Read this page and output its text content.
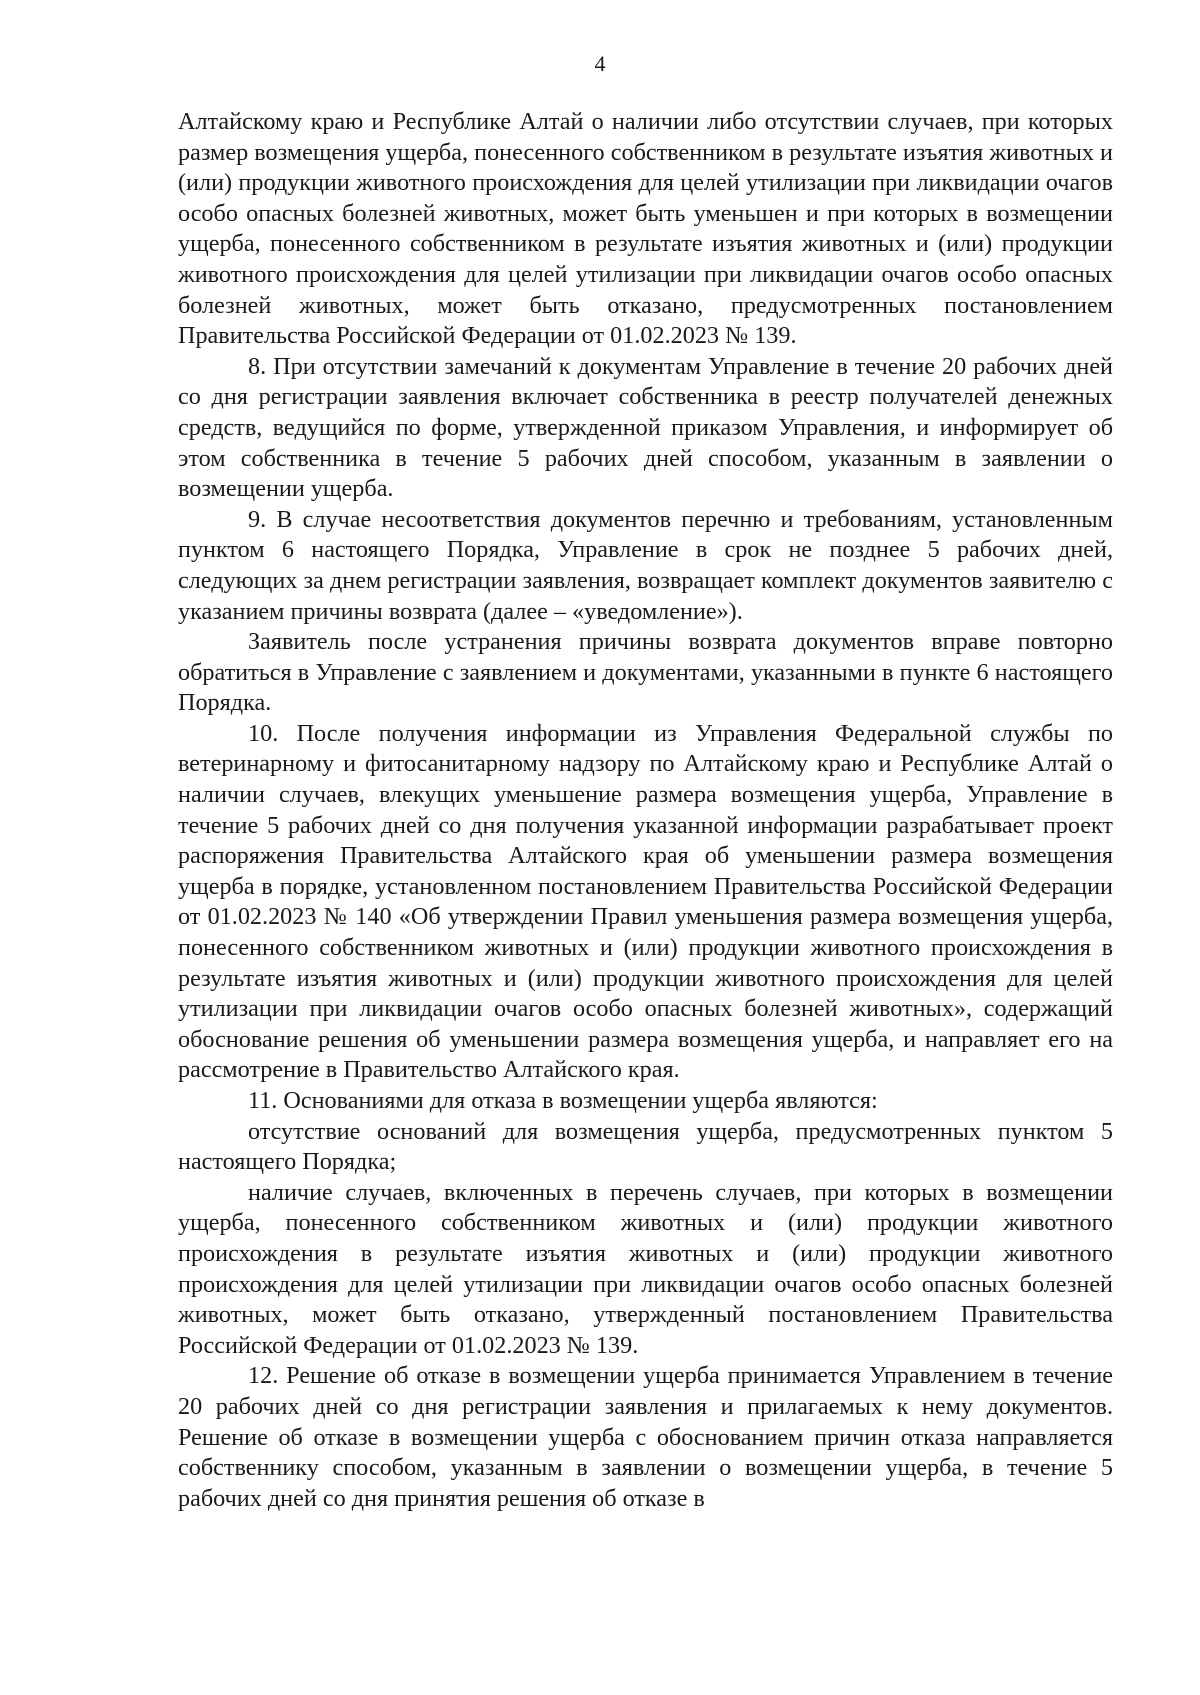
4

Алтайскому краю и Республике Алтай о наличии либо отсутствии случаев, при которых размер возмещения ущерба, понесенного собственником в результате изъятия животных и (или) продукции животного происхождения для целей утилизации при ликвидации очагов особо опасных болезней животных, может быть уменьшен и при которых в возмещении ущерба, понесенного собственником в результате изъятия животных и (или) продукции животного происхождения для целей утилизации при ликвидации очагов особо опасных болезней животных, может быть отказано, предусмотренных постановлением Правительства Российской Федерации от 01.02.2023 № 139.

8. При отсутствии замечаний к документам Управление в течение 20 рабочих дней со дня регистрации заявления включает собственника в реестр получателей денежных средств, ведущийся по форме, утвержденной приказом Управления, и информирует об этом собственника в течение 5 рабочих дней способом, указанным в заявлении о возмещении ущерба.

9. В случае несоответствия документов перечню и требованиям, установленным пунктом 6 настоящего Порядка, Управление в срок не позднее 5 рабочих дней, следующих за днем регистрации заявления, возвращает комплект документов заявителю с указанием причины возврата (далее – «уведомление»).

Заявитель после устранения причины возврата документов вправе повторно обратиться в Управление с заявлением и документами, указанными в пункте 6 настоящего Порядка.

10. После получения информации из Управления Федеральной службы по ветеринарному и фитосанитарному надзору по Алтайскому краю и Республике Алтай о наличии случаев, влекущих уменьшение размера возмещения ущерба, Управление в течение 5 рабочих дней со дня получения указанной информации разрабатывает проект распоряжения Правительства Алтайского края об уменьшении размера возмещения ущерба в порядке, установленном постановлением Правительства Российской Федерации от 01.02.2023 № 140 «Об утверждении Правил уменьшения размера возмещения ущерба, понесенного собственником животных и (или) продукции животного происхождения в результате изъятия животных и (или) продукции животного происхождения для целей утилизации при ликвидации очагов особо опасных болезней животных», содержащий обоснование решения об уменьшении размера возмещения ущерба, и направляет его на рассмотрение в Правительство Алтайского края.

11. Основаниями для отказа в возмещении ущерба являются:

отсутствие оснований для возмещения ущерба, предусмотренных пунктом 5 настоящего Порядка;

наличие случаев, включенных в перечень случаев, при которых в возмещении ущерба, понесенного собственником животных и (или) продукции животного происхождения в результате изъятия животных и (или) продукции животного происхождения для целей утилизации при ликвидации очагов особо опасных болезней животных, может быть отказано, утвержденный постановлением Правительства Российской Федерации от 01.02.2023 № 139.

12. Решение об отказе в возмещении ущерба принимается Управлением в течение 20 рабочих дней со дня регистрации заявления и прилагаемых к нему документов. Решение об отказе в возмещении ущерба с обоснованием причин отказа направляется собственнику способом, указанным в заявлении о возмещении ущерба, в течение 5 рабочих дней со дня принятия решения об отказе в
